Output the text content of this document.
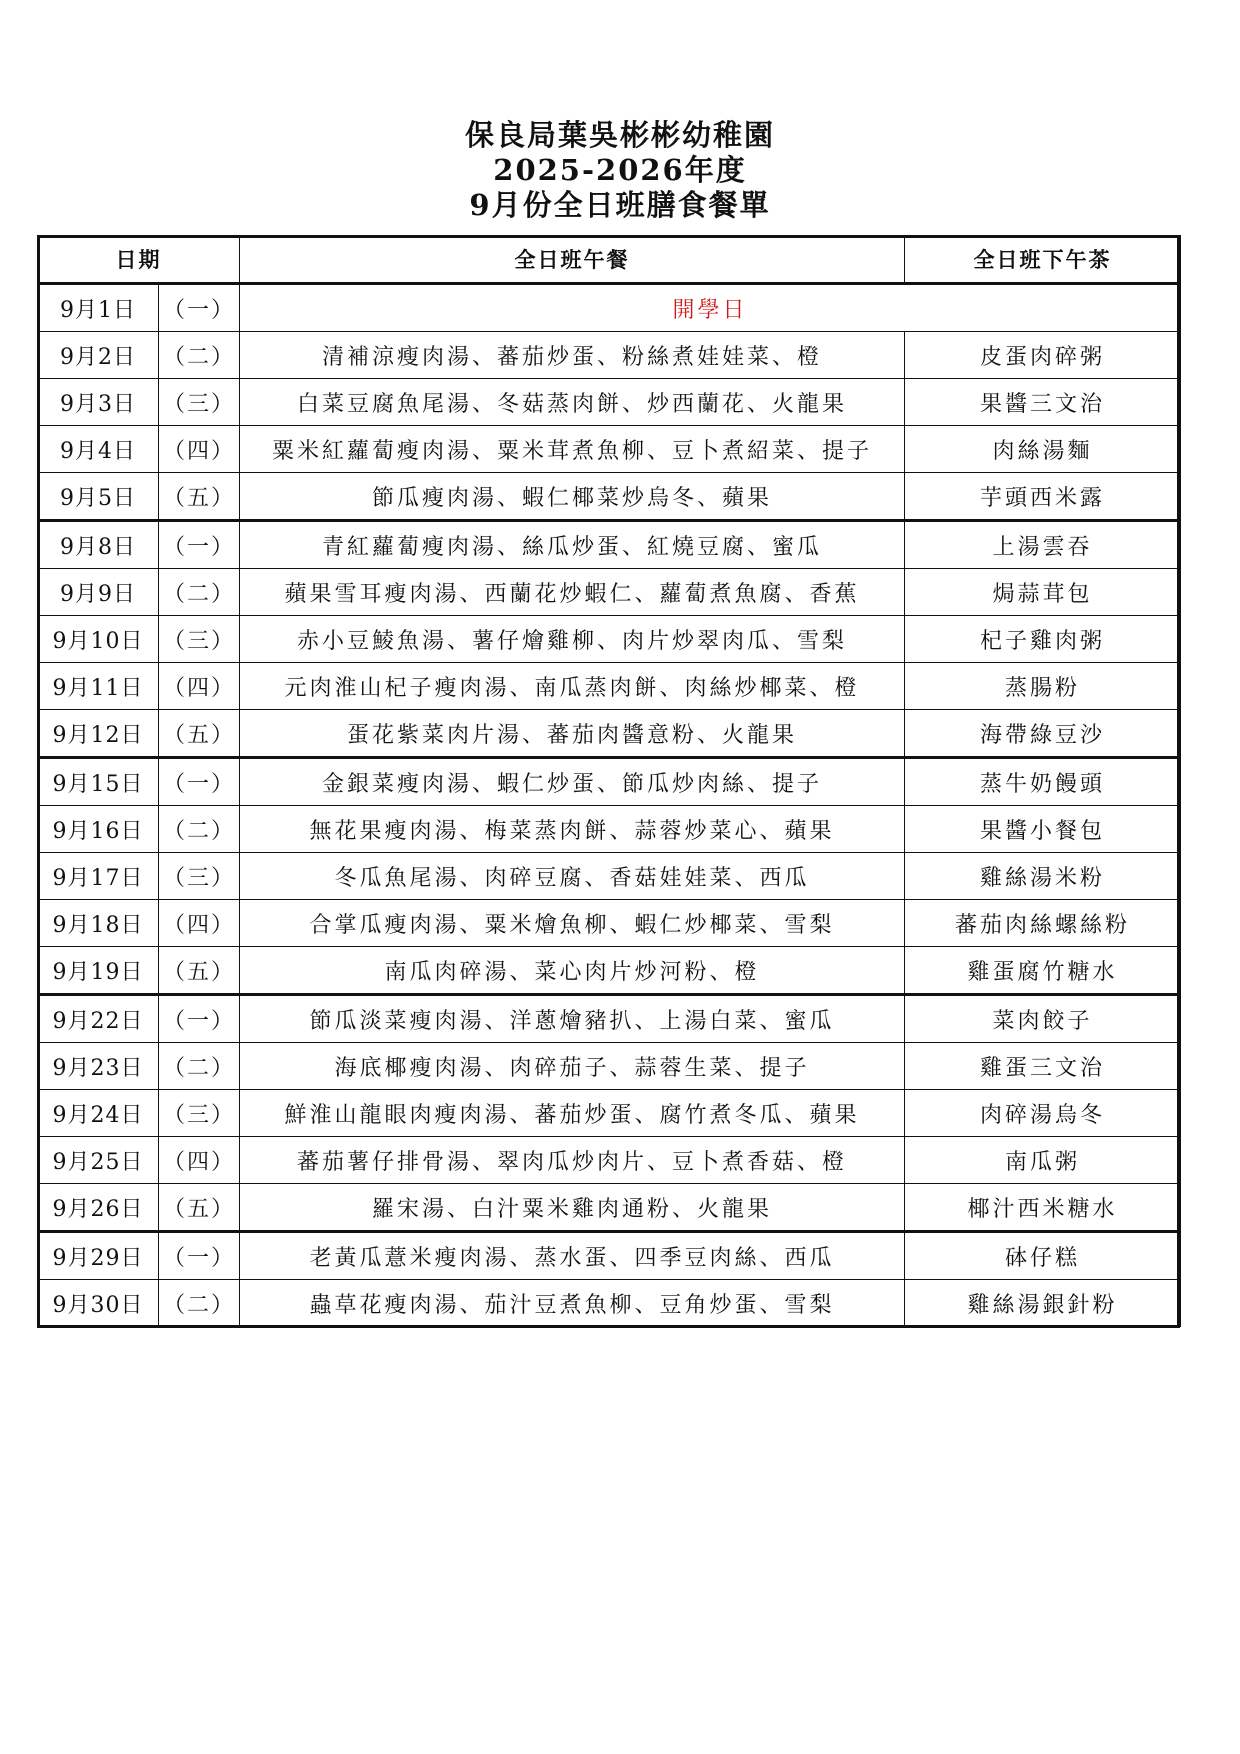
保良局葉吳彬彬幼稚園
2025-2026年度
9月份全日班膳食餐單
日期		全日班午餐	全日班下午茶
9月1日	（一）	開學日	
9月2日	（二）	清補涼瘦肉湯、蕃茄炒蛋、粉絲煮娃娃菜、橙	皮蛋肉碎粥
9月3日	（三）	白菜豆腐魚尾湯、冬菇蒸肉餅、炒西蘭花、火龍果	果醬三文治
9月4日	（四）	粟米紅蘿蔔瘦肉湯、粟米茸煮魚柳、豆卜煮紹菜、提子	肉絲湯麵
9月5日	（五）	節瓜瘦肉湯、蝦仁椰菜炒烏冬、蘋果	芋頭西米露
9月8日	（一）	青紅蘿蔔瘦肉湯、絲瓜炒蛋、紅燒豆腐、蜜瓜	上湯雲吞
9月9日	（二）	蘋果雪耳瘦肉湯、西蘭花炒蝦仁、蘿蔔煮魚腐、香蕉	焗蒜茸包
9月10日	（三）	赤小豆鯪魚湯、薯仔燴雞柳、肉片炒翠肉瓜、雪梨	杞子雞肉粥
9月11日	（四）	元肉淮山杞子瘦肉湯、南瓜蒸肉餅、肉絲炒椰菜、橙	蒸腸粉
9月12日	（五）	蛋花紫菜肉片湯、蕃茄肉醬意粉、火龍果	海帶綠豆沙
9月15日	（一）	金銀菜瘦肉湯、蝦仁炒蛋、節瓜炒肉絲、提子	蒸牛奶饅頭
9月16日	（二）	無花果瘦肉湯、梅菜蒸肉餅、蒜蓉炒菜心、蘋果	果醬小餐包
9月17日	（三）	冬瓜魚尾湯、肉碎豆腐、香菇娃娃菜、西瓜	雞絲湯米粉
9月18日	（四）	合掌瓜瘦肉湯、粟米燴魚柳、蝦仁炒椰菜、雪梨	蕃茄肉絲螺絲粉
9月19日	（五）	南瓜肉碎湯、菜心肉片炒河粉、橙	雞蛋腐竹糖水
9月22日	（一）	節瓜淡菜瘦肉湯、洋蔥燴豬扒、上湯白菜、蜜瓜	菜肉餃子
9月23日	（二）	海底椰瘦肉湯、肉碎茄子、蒜蓉生菜、提子	雞蛋三文治
9月24日	（三）	鮮淮山龍眼肉瘦肉湯、蕃茄炒蛋、腐竹煮冬瓜、蘋果	肉碎湯烏冬
9月25日	（四）	蕃茄薯仔排骨湯、翠肉瓜炒肉片、豆卜煮香菇、橙	南瓜粥
9月26日	（五）	羅宋湯、白汁粟米雞肉通粉、火龍果	椰汁西米糖水
9月29日	（一）	老黃瓜薏米瘦肉湯、蒸水蛋、四季豆肉絲、西瓜	砵仔糕
9月30日	（二）	蟲草花瘦肉湯、茄汁豆煮魚柳、豆角炒蛋、雪梨	雞絲湯銀針粉
